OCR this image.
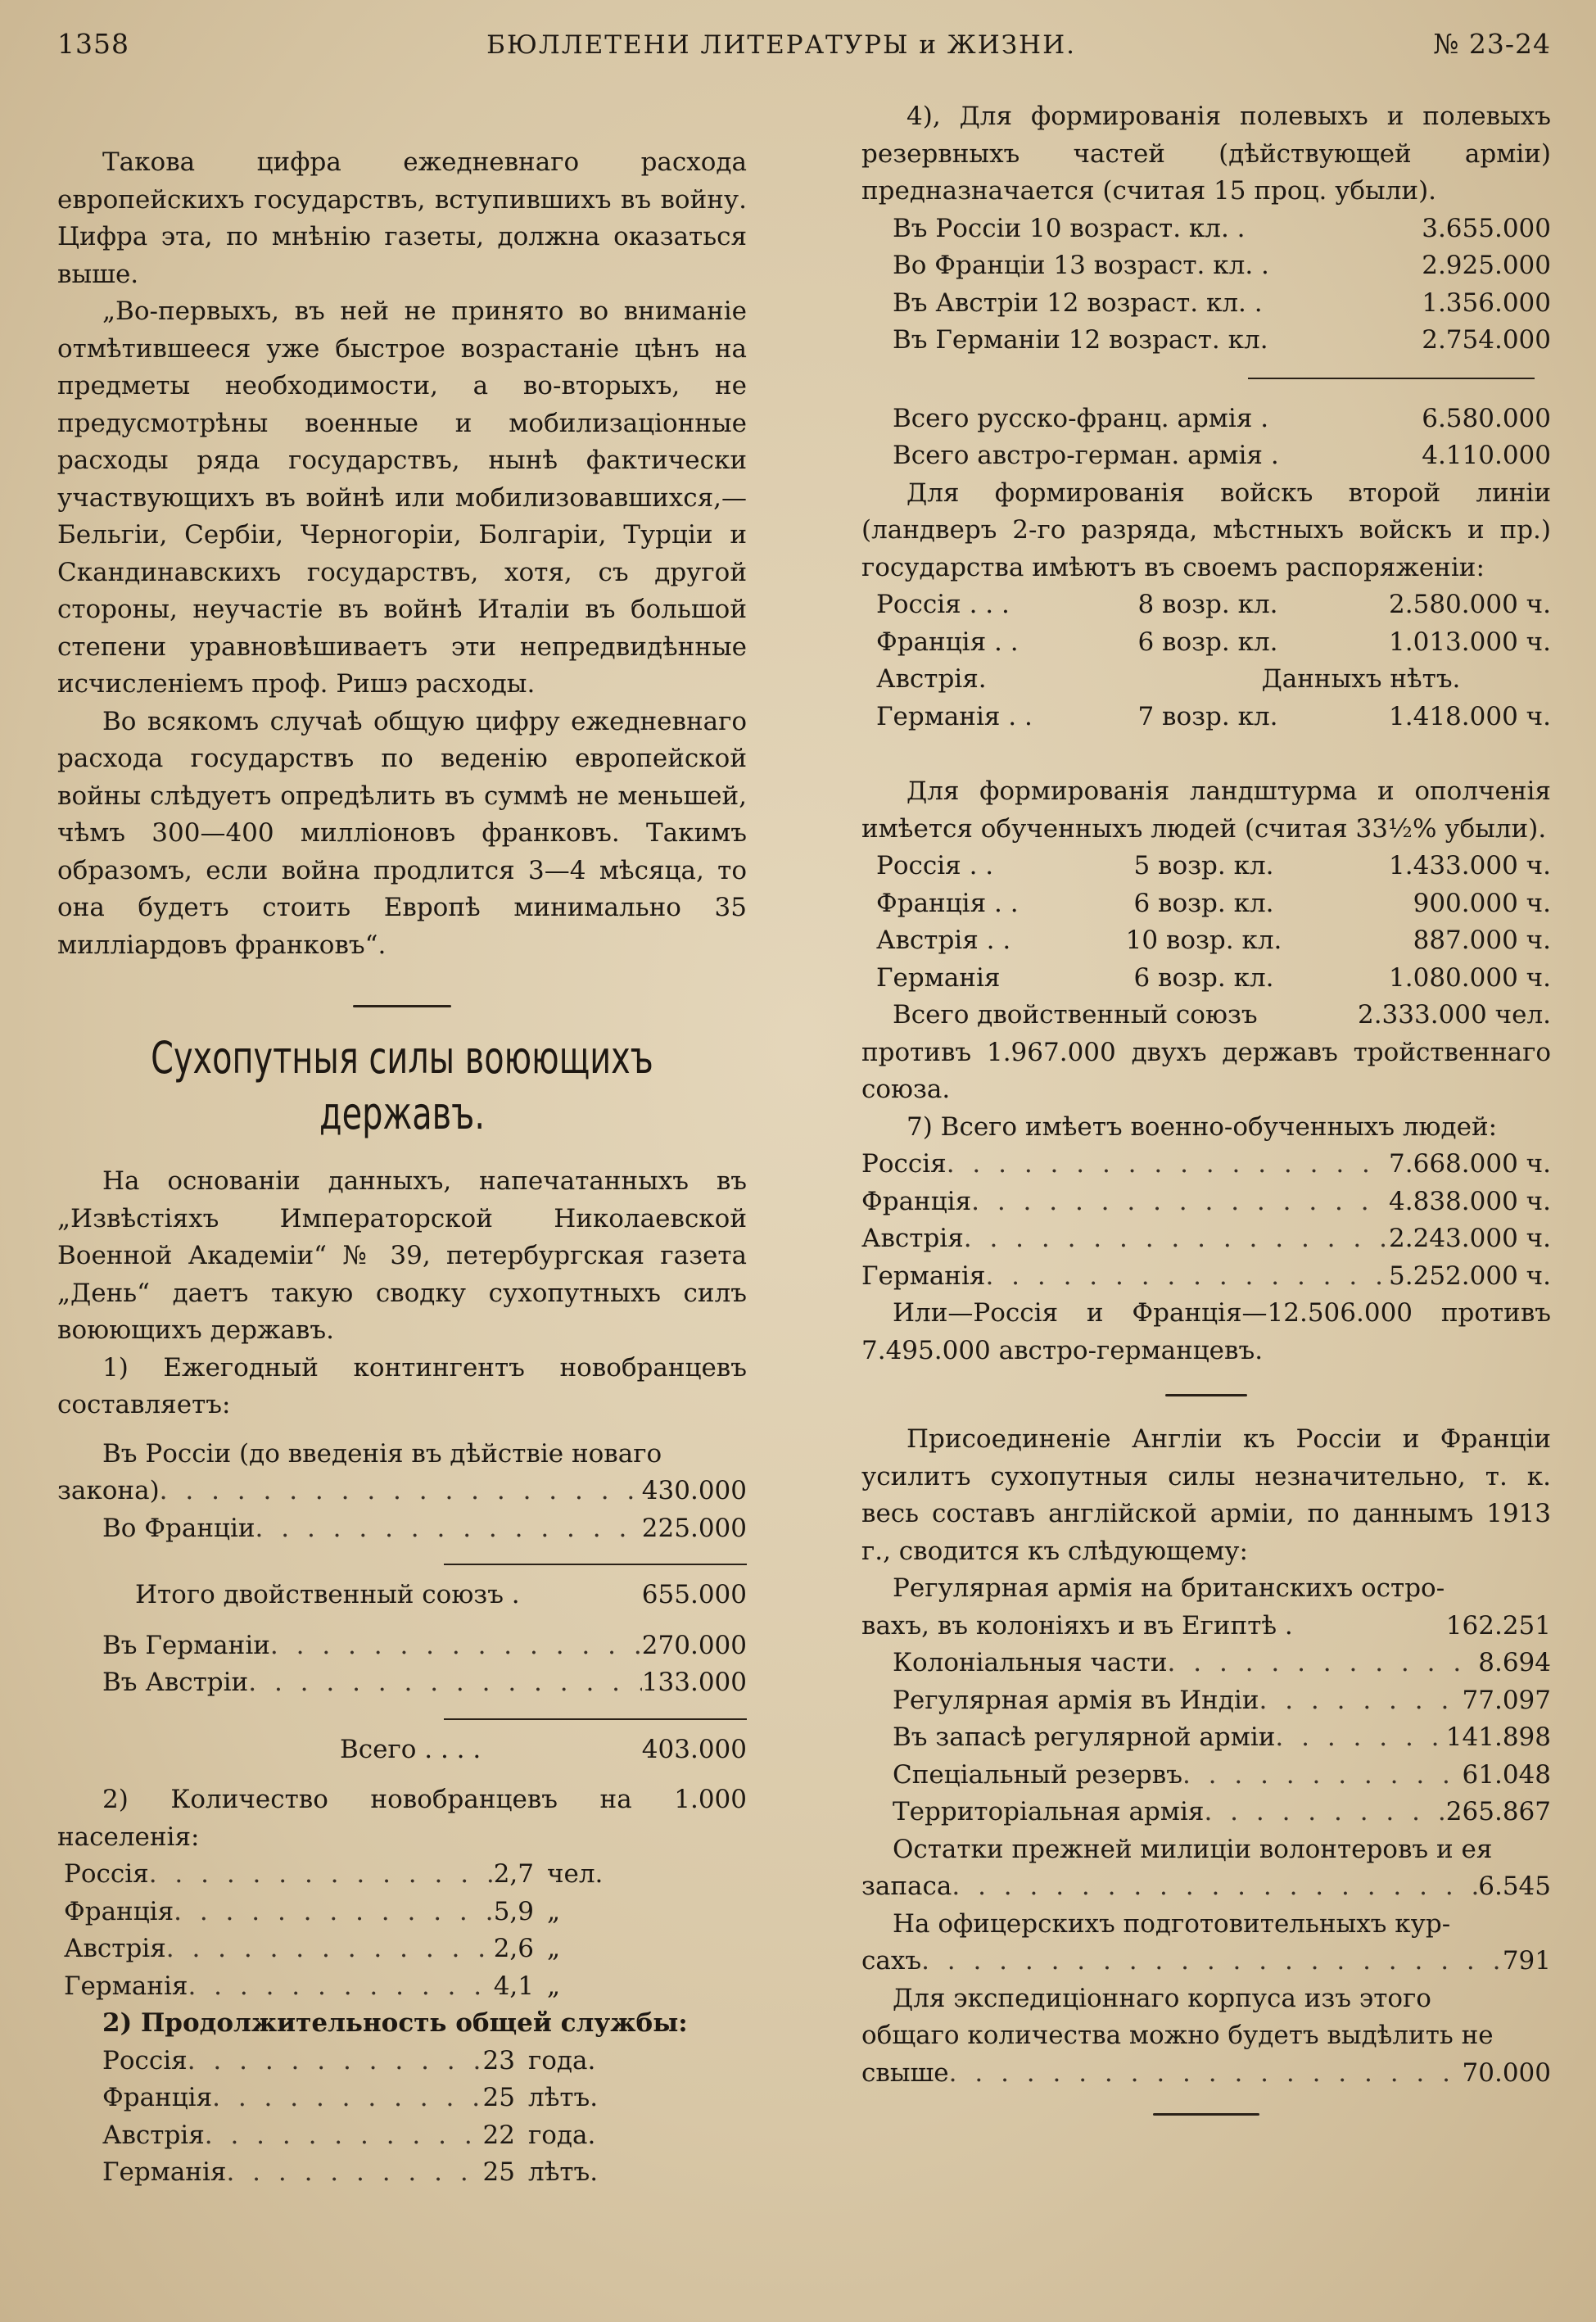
1358	БЮЛЛЕТЕНИ ЛИТЕРАТУРЫ и ЖИЗНИ.	№ 23-24

Такова цифра ежедневнаго расхода европейскихъ государствъ, вступившихъ въ войну. Цифра эта, по мнѣнію газеты, должна оказаться выше.

„Во-первыхъ, въ ней не принято во вниманіе отмѣтившееся уже быстрое возрастаніе цѣнъ на предметы необходимости, а во-вторыхъ, не предусмотрѣны военные и мобилизаціонные расходы ряда государствъ, нынѣ фактически участвующихъ въ войнѣ или мобилизовавшихся,—Бельгіи, Сербіи, Черногоріи, Болгаріи, Турціи и Скандинавскихъ государствъ, хотя, съ другой стороны, неучастіе въ войнѣ Италіи въ большой степени уравновѣшиваетъ эти непредвидѣнные исчисленіемъ проф. Ришэ расходы.

Во всякомъ случаѣ общую цифру ежедневнаго расхода государствъ по веденію европейской войны слѣдуетъ опредѣлить въ суммѣ не меньшей, чѣмъ 300—400 милліоновъ франковъ. Такимъ образомъ, если война продлится 3—4 мѣсяца, то она будетъ стоить Европѣ минимально 35 милліардовъ франковъ“.

Сухопутныя силы воюющихъ
державъ.

На основаніи данныхъ, напечатанныхъ въ „Извѣстіяхъ Императорской Николаевской Военной Академіи“ № 39, петербургская газета „День“ даетъ такую сводку сухопутныхъ силъ воюющихъ державъ.

1) Ежегодный контингентъ новобранцевъ составляетъ:

Въ Россіи (до введенія въ дѣйствіе новаго
закона) . . .	430.000
Во Франціи . . .	225.000
Итого двойственный союзъ .	655.000
Въ Германіи . . .	270.000
Въ Австріи . . .	133.000
Всего . . . .	403.000

2) Количество новобранцевъ на 1.000 населенія:

Россія . . .	2,7 чел.
Франція . . .	5,9 „
Австрія . . .	2,6 „
Германія . . .	4,1 „
2) Продолжительность общей службы:
Россія . . .	23 года.
Франція . . .	25 лѣтъ.
Австрія . . .	22 года.
Германія . . .	25 лѣтъ.

4), Для формированія полевыхъ и полевыхъ резервныхъ частей (дѣйствующей арміи) предназначается (считая 15 проц. убыли).

Въ Россіи 10 возраст. кл. .	3.655.000
Во Франціи 13 возраст. кл. .	2.925.000
Въ Австріи 12 возраст. кл. .	1.356.000
Въ Германіи 12 возраст. кл.	2.754.000
Всего русско-франц. армія .	6.580.000
Всего австро-герман. армія .	4.110.000

Для формированія войскъ второй линіи (ландверъ 2-го разряда, мѣстныхъ войскъ и пр.) государства имѣютъ въ своемъ распоряженіи:

Россія . . .	8 возр. кл.	2.580.000 ч.
Франція . .	6 возр. кл.	1.013.000 ч.
Австрія.	Данныхъ нѣтъ.
Германія . .	7 возр. кл.	1.418.000 ч.

Для формированія ландштурма и ополченія имѣется обученныхъ людей (считая 33½% убыли).

Россія . .	5 возр. кл.	1.433.000 ч.
Франція . .	6 возр. кл.	900.000 ч.
Австрія . .	10 возр. кл.	887.000 ч.
Германія	6 возр. кл.	1.080.000 ч.
Всего двойственный союзъ	2.333.000 чел.
противъ 1.967.000 двухъ державъ тройственнаго союза.

7) Всего имѣетъ военно-обученныхъ людей:

Россія . . .	7.668.000 ч.
Франція . . .	4.838.000 ч.
Австрія . . .	2.243.000 ч.
Германія . . .	5.252.000 ч.

Или—Россія и Франція—12.506.000 противъ 7.495.000 австро-германцевъ.

Присоединеніе Англіи къ Россіи и Франціи усилитъ сухопутныя силы незначительно, т. к. весь составъ англійской арміи, по даннымъ 1913 г., сводится къ слѣдующему:

Регулярная армія на британскихъ остро-
вахъ, въ колоніяхъ и въ Египтѣ .	162.251
Колоніальныя части . . .	8.694
Регулярная армія въ Индіи . . .	77.097
Въ запасѣ регулярной арміи . . .	141.898
Спеціальный резервъ . . .	61.048
Территоріальная армія . . .	265.867
Остатки прежней милиціи волонтеровъ и ея
запаса . . .	6.545
На офицерскихъ подготовительныхъ кур-
сахъ . . .	791
Для экспедиціоннаго корпуса изъ этого
общаго количества можно будетъ выдѣлить не
свыше . . .	70.000
